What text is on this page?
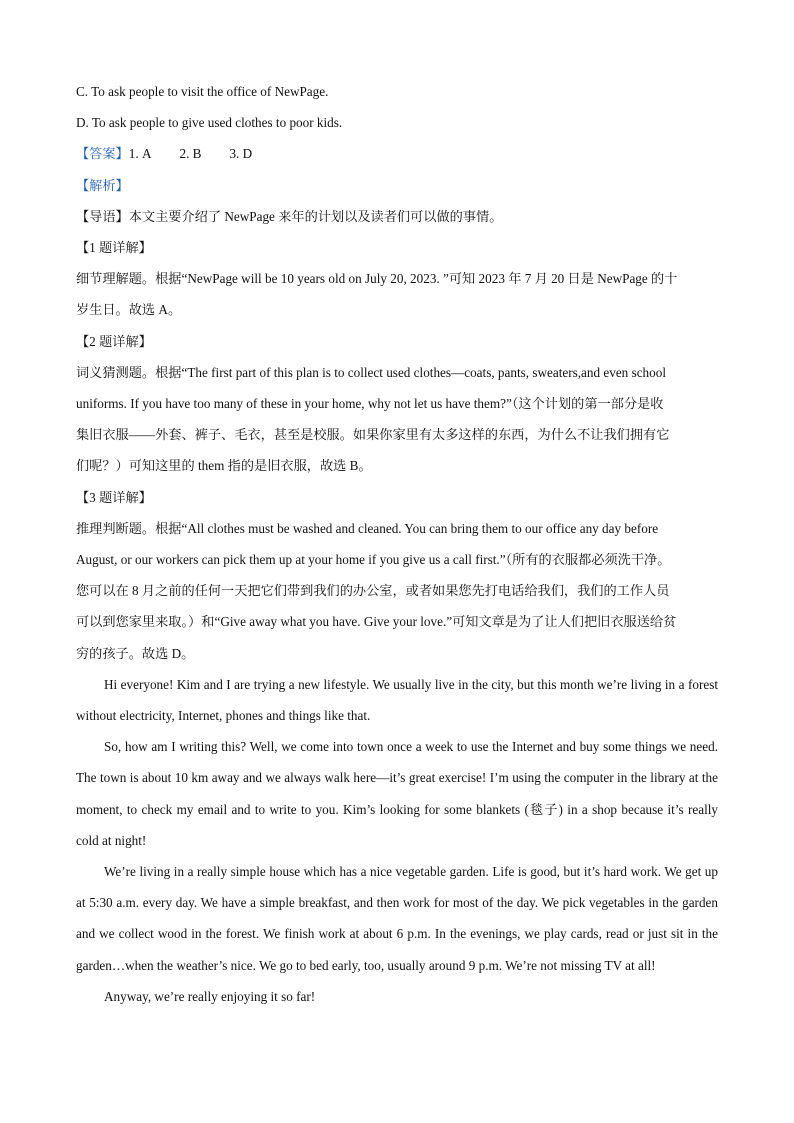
C. To ask people to visit the office of NewPage.
D. To ask people to give used clothes to poor kids.
【答案】1. A 2. B 3. D
【解析】
【导语】本文主要介绍了 NewPage 来年的计划以及读者们可以做的事情。
【1 题详解】
细节理解题。根据“NewPage will be 10 years old on July 20, 2023. ”可知 2023 年 7 月 20 日是 NewPage 的十
岁生日。故选 A。
【2 题详解】
词义猜测题。根据“The first part of this plan is to collect used clothes—coats, pants, sweaters,and even school
uniforms. If you have too many of these in your home, why not let us have them?”（这个计划的第一部分是收
集旧衣服——外套、裤子、毛衣，甚至是校服。如果你家里有太多这样的东西，为什么不让我们拥有它
们呢？）可知这里的 them 指的是旧衣服，故选 B。
【3 题详解】
推理判断题。根据“All clothes must be washed and cleaned. You can bring them to our office any day before
August, or our workers can pick them up at your home if you give us a call first.”（所有的衣服都必须洗干净。
您可以在 8 月之前的任何一天把它们带到我们的办公室，或者如果您先打电话给我们，我们的工作人员
可以到您家里来取。）和“Give away what you have. Give your love.”可知文章是为了让人们把旧衣服送给贫
穷的孩子。故选 D。
Hi everyone! Kim and I are trying a new lifestyle. We usually live in the city, but this month we’re living in a forest without electricity, Internet, phones and things like that.
So, how am I writing this? Well, we come into town once a week to use the Internet and buy some things we need. The town is about 10 km away and we always walk here—it’s great exercise! I’m using the computer in the library at the moment, to check my email and to write to you. Kim’s looking for some blankets (毯子) in a shop because it’s really cold at night!
We’re living in a really simple house which has a nice vegetable garden. Life is good, but it’s hard work. We get up at 5:30 a.m. every day. We have a simple breakfast, and then work for most of the day. We pick vegetables in the garden and we collect wood in the forest. We finish work at about 6 p.m. In the evenings, we play cards, read or just sit in the garden…when the weather’s nice. We go to bed early, too, usually around 9 p.m. We’re not missing TV at all!
Anyway, we’re really enjoying it so far!
